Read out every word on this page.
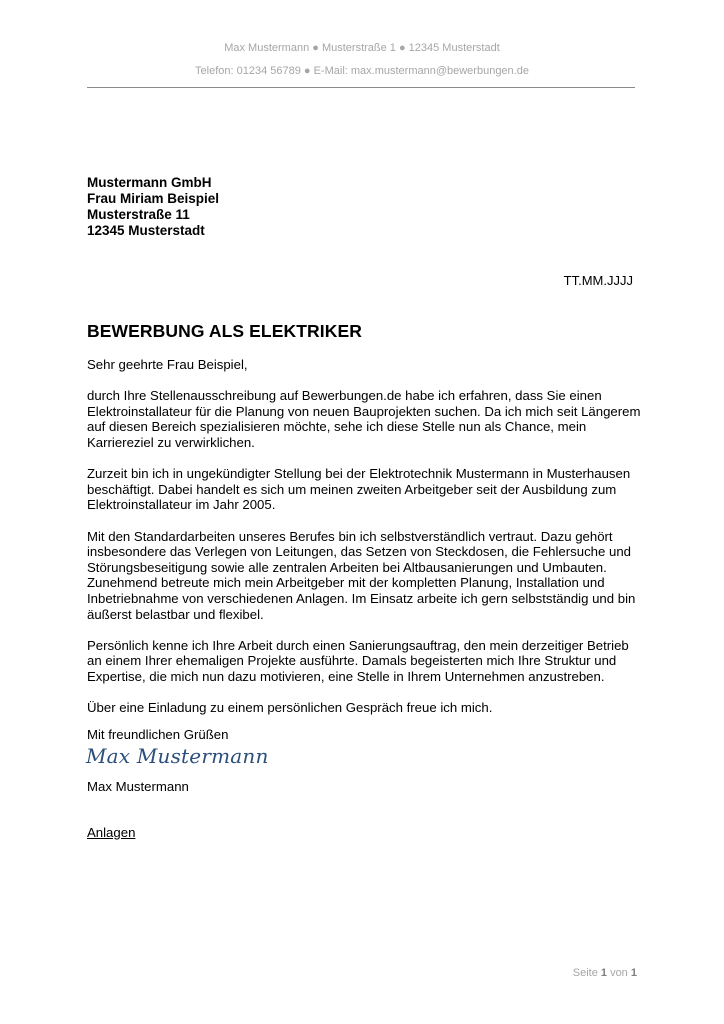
Max Mustermann ● Musterstraße 1 ● 12345 Musterstadt
Telefon: 01234 56789 ● E-Mail: max.mustermann@bewerbungen.de
Mustermann GmbH
Frau Miriam Beispiel
Musterstraße 11
12345 Musterstadt
TT.MM.JJJJ
BEWERBUNG ALS ELEKTRIKER

Sehr geehrte Frau Beispiel,

durch Ihre Stellenausschreibung auf Bewerbungen.de habe ich erfahren, dass Sie einen Elektroinstallateur für die Planung von neuen Bauprojekten suchen. Da ich mich seit Längerem auf diesen Bereich spezialisieren möchte, sehe ich diese Stelle nun als Chance, mein Karriereziel zu verwirklichen.

Zurzeit bin ich in ungekündigter Stellung bei der Elektrotechnik Mustermann in Musterhausen beschäftigt. Dabei handelt es sich um meinen zweiten Arbeitgeber seit der Ausbildung zum Elektroinstallateur im Jahr 2005.

Mit den Standardarbeiten unseres Berufes bin ich selbstverständlich vertraut. Dazu gehört insbesondere das Verlegen von Leitungen, das Setzen von Steckdosen, die Fehlersuche und Störungsbeseitigung sowie alle zentralen Arbeiten bei Altbausanierungen und Umbauten. Zunehmend betreute mich mein Arbeitgeber mit der kompletten Planung, Installation und Inbetriebnahme von verschiedenen Anlagen. Im Einsatz arbeite ich gern selbstständig und bin äußerst belastbar und flexibel.

Persönlich kenne ich Ihre Arbeit durch einen Sanierungsauftrag, den mein derzeitiger Betrieb an einem Ihrer ehemaligen Projekte ausführte. Damals begeisterten mich Ihre Struktur und Expertise, die mich nun dazu motivieren, eine Stelle in Ihrem Unternehmen anzustreben.

Über eine Einladung zu einem persönlichen Gespräch freue ich mich.

Mit freundlichen Grüßen
Max Mustermann
Max Mustermann
Anlagen
Seite 1 von 1
